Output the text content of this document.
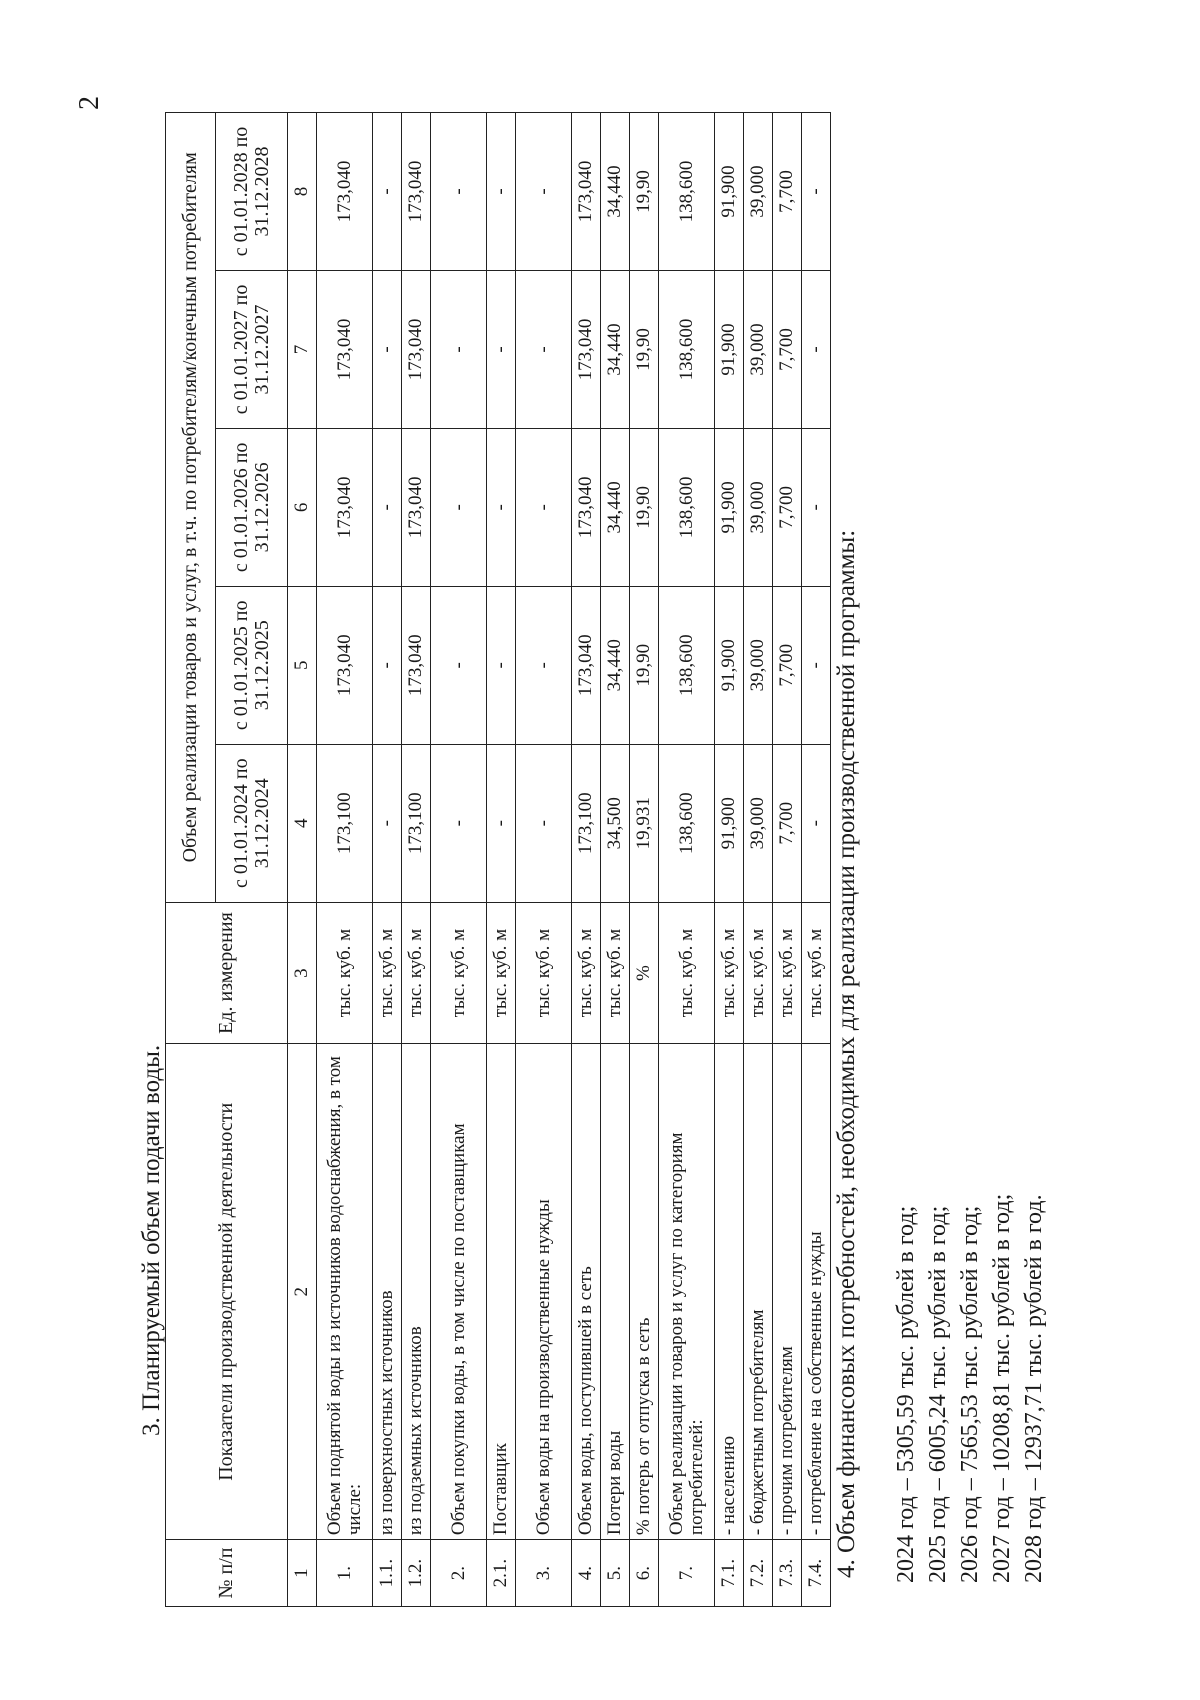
2
3. Планируемый объем подачи воды.
№ п/п	Показатели производственной деятельности	Ед. измерения	Объем реализации товаров и услуг, в т.ч. по потребителям/конечным потребителям				
			с 01.01.2024 по 31.12.2024	с 01.01.2025 по 31.12.2025	с 01.01.2026 по 31.12.2026	с 01.01.2027 по 31.12.2027	с 01.01.2028 по 31.12.2028
1	2	3	4	5	6	7	8
1.	Объем поднятой воды из источников водоснабжения, в том числе:	тыс. куб. м	173,100	173,040	173,040	173,040	173,040
1.1.	из поверхностных источников	тыс. куб. м	-	-	-	-	-
1.2.	из подземных источников	тыс. куб. м	173,100	173,040	173,040	173,040	173,040
2.	Объем покупки воды, в том числе по поставщикам	тыс. куб. м	-	-	-	-	-
2.1.	Поставщик	тыс. куб. м	-	-	-	-	-
3.	Объем воды на производственные нужды	тыс. куб. м	-	-	-	-	-
4.	Объем воды, поступившей в сеть	тыс. куб. м	173,100	173,040	173,040	173,040	173,040
5.	Потери воды	тыс. куб. м	34,500	34,440	34,440	34,440	34,440
6.	% потерь от отпуска в сеть	%	19,931	19,90	19,90	19,90	19,90
7.	Объем реализации товаров и услуг по категориям потребителей:	тыс. куб. м	138,600	138,600	138,600	138,600	138,600
7.1.	- населению	тыс. куб. м	91,900	91,900	91,900	91,900	91,900
7.2.	- бюджетным потребителям	тыс. куб. м	39,000	39,000	39,000	39,000	39,000
7.3.	- прочим потребителям	тыс. куб. м	7,700	7,700	7,700	7,700	7,700
7.4.	- потребление на собственные нужды	тыс. куб. м	-	-	-	-	-
4. Объем финансовых потребностей, необходимых для реализации производственной программы: 2024 год – 5305,59 тыс. рублей в год; 2025 год – 6005,24 тыс. рублей в год; 2026 год – 7565,53 тыс. рублей в год; 2027 год – 10208,81 тыс. рублей в год; 2028 год – 12937,71 тыс. рублей в год.
